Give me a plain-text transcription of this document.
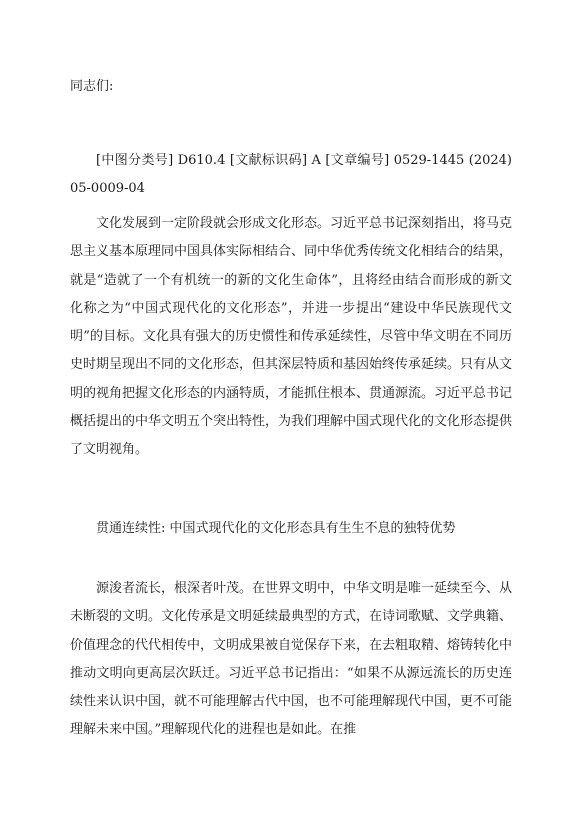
同志们:

[中图分类号] D610.4 [文献标识码] A [文章编号] 0529-1445 (2024) 05-0009-04

文化发展到一定阶段就会形成文化形态。习近平总书记深刻指出，将马克思主义基本原理同中国具体实际相结合、同中华优秀传统文化相结合的结果，就是“造就了一个有机统一的新的文化生命体”，且将经由结合而形成的新文化称之为“中国式现代化的文化形态”，并进一步提出“建设中华民族现代文明”的目标。文化具有强大的历史惯性和传承延续性，尽管中华文明在不同历史时期呈现出不同的文化形态，但其深层特质和基因始终传承延续。只有从文明的视角把握文化形态的内涵特质，才能抓住根本、贯通源流。习近平总书记概括提出的中华文明五个突出特性，为我们理解中国式现代化的文化形态提供了文明视角。

贯通连续性: 中国式现代化的文化形态具有生生不息的独特优势

源浚者流长，根深者叶茂。在世界文明中，中华文明是唯一延续至今、从未断裂的文明。文化传承是文明延续最典型的方式，在诗词歌赋、文学典籍、价值理念的代代相传中，文明成果被自觉保存下来，在去粗取精、熔铸转化中推动文明向更高层次跃迁。习近平总书记指出：“如果不从源远流长的历史连续性来认识中国，就不可能理解古代中国，也不可能理解现代中国，更不可能理解未来中国。”理解现代化的进程也是如此。在推
